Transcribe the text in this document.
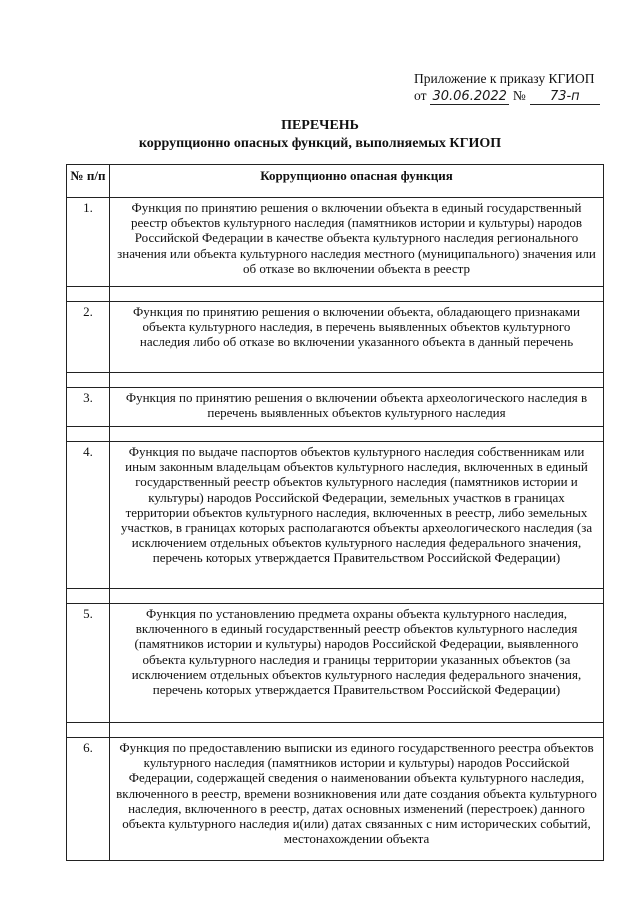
Приложение к приказу КГИОП
от 30.06.2022 №	73-п
ПЕРЕЧЕНЬ
коррупционно опасных функций, выполняемых КГИОП
№ п/п	Коррупционно опасная функция
1.	Функция по принятию решения о включении объекта в единый государственный реестр объектов культурного наследия (памятников истории и культуры) народов Российской Федерации в качестве объекта культурного наследия регионального значения или объекта культурного наследия местного (муниципального) значения или об отказе во включении объекта в реестр

2.	Функция по принятию решения о включении объекта, обладающего признаками объекта культурного наследия, в перечень выявленных объектов культурного наследия либо об отказе во включении указанного объекта в данный перечень

3.	Функция по принятию решения о включении объекта археологического наследия в перечень выявленных объектов культурного наследия

4.	Функция по выдаче паспортов объектов культурного наследия собственникам или иным законным владельцам объектов культурного наследия, включенных в единый государственный реестр объектов культурного наследия (памятников истории и культуры) народов Российской Федерации, земельных участков в границах территории объектов культурного наследия, включенных в реестр, либо земельных участков, в границах которых располагаются объекты археологического наследия (за исключением отдельных объектов культурного наследия федерального значения, перечень которых утверждается Правительством Российской Федерации)

5.	Функция по установлению предмета охраны объекта культурного наследия, включенного в единый государственный реестр объектов культурного наследия (памятников истории и культуры) народов Российской Федерации, выявленного объекта культурного наследия и границы территории указанных объектов (за исключением отдельных объектов культурного наследия федерального значения, перечень которых утверждается Правительством Российской Федерации)

6.	Функция по предоставлению выписки из единого государственного реестра объектов культурного наследия (памятников истории и культуры) народов Российской Федерации, содержащей сведения о наименовании объекта культурного наследия, включенного в реестр, времени возникновения или дате создания объекта культурного наследия, включенного в реестр, датах основных изменений (перестроек) данного объекта культурного наследия и(или) датах связанных с ним исторических событий, местонахождении объекта
